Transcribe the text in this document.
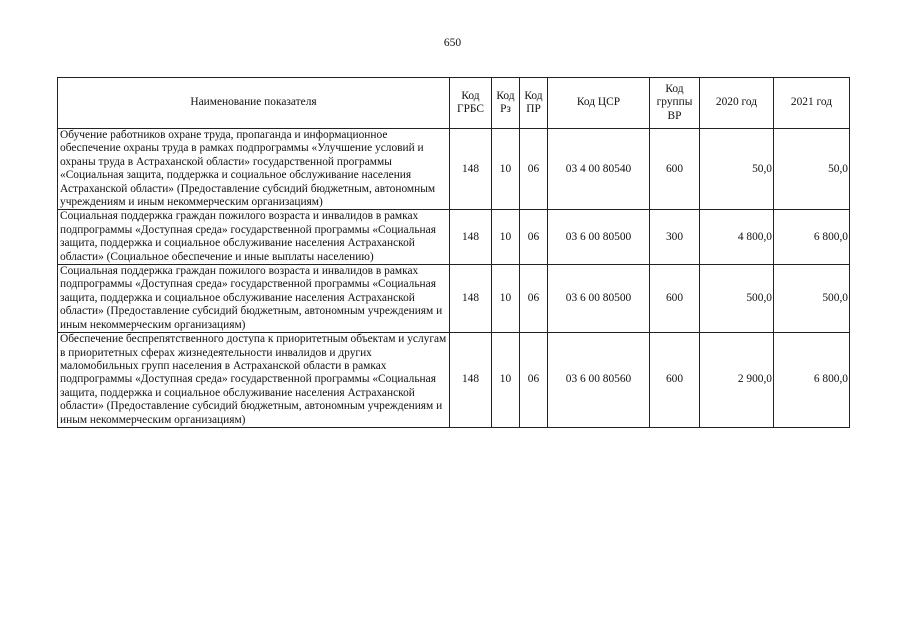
650
Наименование показателя	Код ГРБС	Код Рз	Код ПР	Код ЦСР	Код группы ВР	2020 год	2021 год
Обучение работников охране труда, пропаганда и информационное обеспечение охраны труда в рамках подпрограммы «Улучшение условий и охраны труда в Астраханской области» государственной программы «Социальная защита, поддержка и социальное обслуживание населения Астраханской области» (Предоставление субсидий бюджетным, автономным учреждениям и иным некоммерческим организациям)	148	10	06	03 4 00 80540	600	50,0	50,0
Социальная поддержка граждан пожилого возраста и инвалидов в рамках подпрограммы «Доступная среда» государственной программы «Социальная защита, поддержка и социальное обслуживание населения Астраханской области» (Социальное обеспечение и иные выплаты населению)	148	10	06	03 6 00 80500	300	4 800,0	6 800,0
Социальная поддержка граждан пожилого возраста и инвалидов в рамках подпрограммы «Доступная среда» государственной программы «Социальная защита, поддержка и социальное обслуживание населения Астраханской области» (Предоставление субсидий бюджетным, автономным учреждениям и иным некоммерческим организациям)	148	10	06	03 6 00 80500	600	500,0	500,0
Обеспечение беспрепятственного доступа к приоритетным объектам и услугам в приоритетных сферах жизнедеятельности инвалидов и других маломобильных групп населения в Астраханской области в рамках подпрограммы «Доступная среда» государственной программы «Социальная защита, поддержка и социальное обслуживание населения Астраханской области» (Предоставление субсидий бюджетным, автономным учреждениям и иным некоммерческим организациям)	148	10	06	03 6 00 80560	600	2 900,0	6 800,0
